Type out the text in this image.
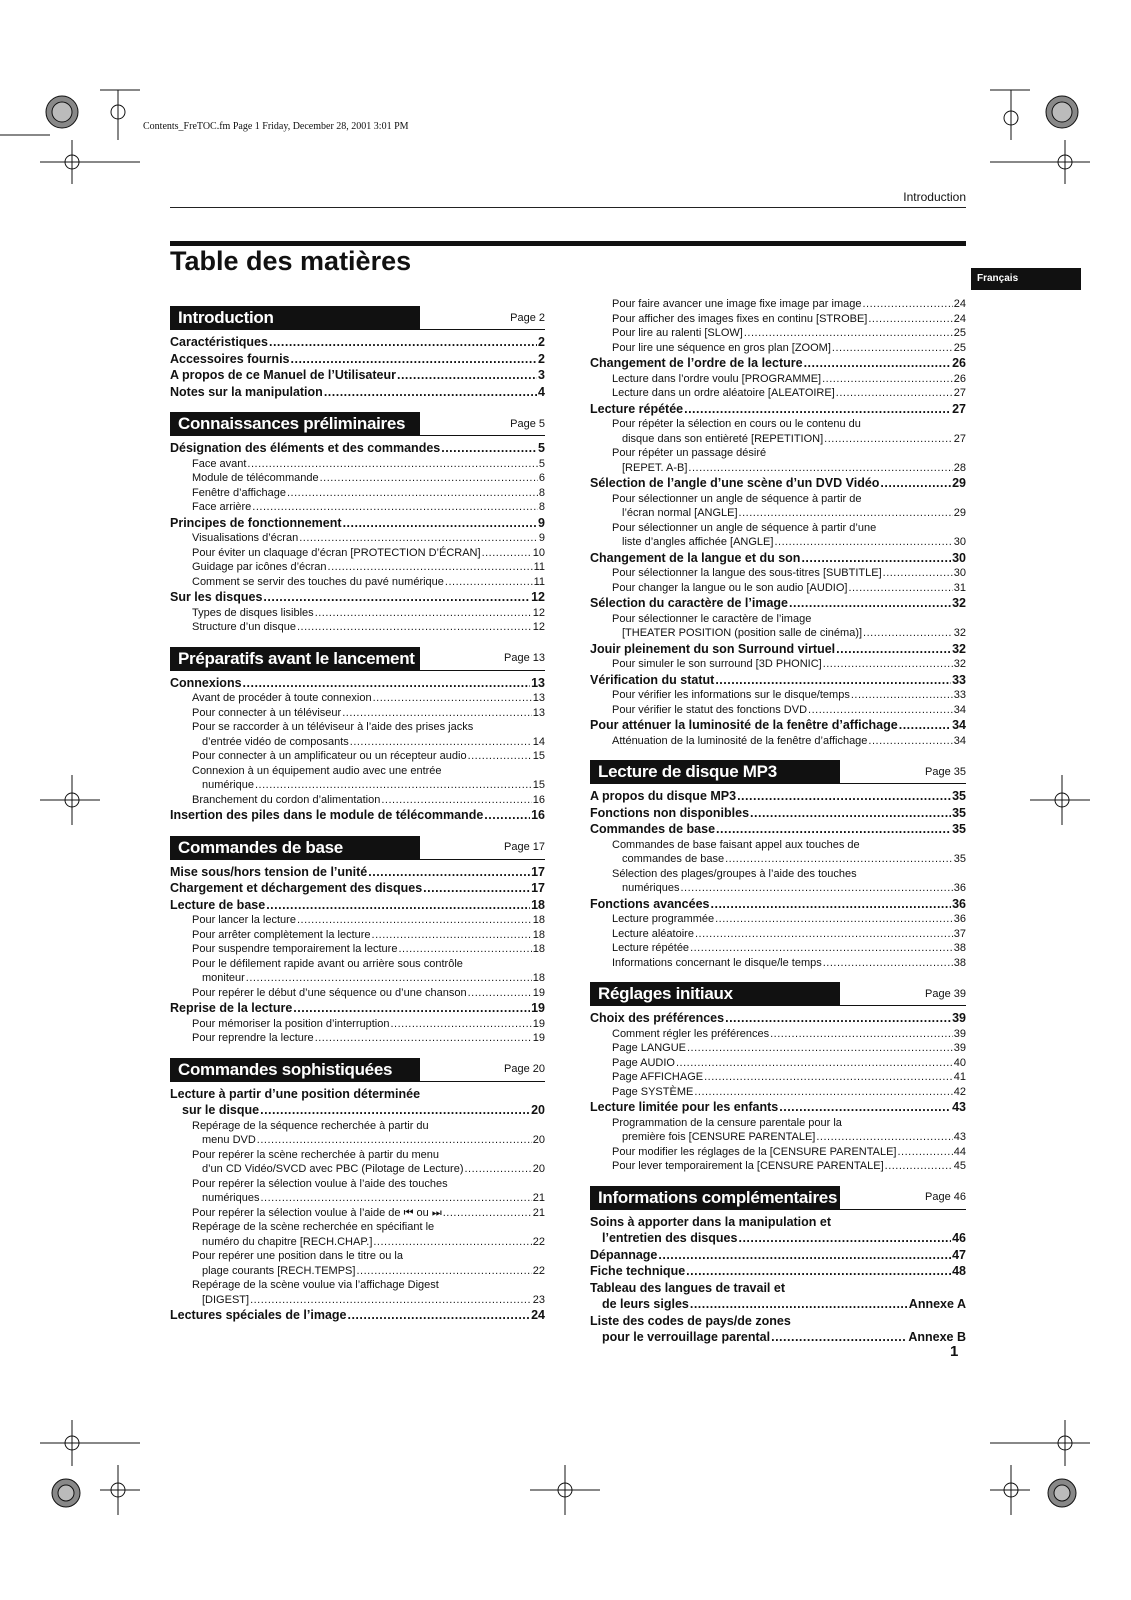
Contents_FreTOC.fm Page 1 Friday, December 28, 2001 3:01 PM
Introduction
Table des matières
Français
Introduction	Page 2
Caractéristiques .....	2
Accessoires fournis .....	2
A propos de ce Manuel de l’Utilisateur .....	3
Notes sur la manipulation .....	4
Connaissances préliminaires	Page 5
Désignation des éléments et des commandes .....	5
Face avant .....	5
Module de télécommande .....	6
Fenêtre d’affichage .....	8
Face arrière .....	8
Principes de fonctionnement .....	9
Visualisations d’écran .....	9
Pour éviter un claquage d’écran [PROTECTION D’ÉCRAN] .....	10
Guidage par icônes d’écran .....	11
Comment se servir des touches du pavé numérique .....	11
Sur les disques .....	12
Types de disques lisibles .....	12
Structure d’un disque .....	12
Préparatifs avant le lancement	Page 13
Connexions .....	13
Avant de procéder à toute connexion .....	13
Pour connecter à un téléviseur .....	13
Pour se raccorder à un téléviseur à l’aide des prises jacks
d’entrée vidéo de composants .....	14
Pour connecter à un amplificateur ou un récepteur audio .....	15
Connexion à un équipement audio avec une entrée
numérique .....	15
Branchement du cordon d’alimentation .....	16
Insertion des piles dans le module de télécommande .....	16
Commandes de base	Page 17
Mise sous/hors tension de l’unité .....	17
Chargement et déchargement des disques .....	17
Lecture de base .....	18
Pour lancer la lecture .....	18
Pour arrêter complètement la lecture .....	18
Pour suspendre temporairement la lecture .....	18
Pour le défilement rapide avant ou arrière sous contrôle
moniteur .....	18
Pour repérer le début d’une séquence ou d’une chanson .....	19
Reprise de la lecture .....	19
Pour mémoriser la position d’interruption .....	19
Pour reprendre la lecture .....	19
Commandes sophistiquées	Page 20
Lecture à partir d’une position déterminée
sur le disque .....	20
Repérage de la séquence recherchée à partir du
menu DVD .....	20
Pour repérer la scène recherchée à partir du menu
d’un CD Vidéo/SVCD avec PBC (Pilotage de Lecture) .....	20
Pour repérer la sélection voulue à l’aide des touches
numériques .....	21
Pour repérer la sélection voulue à l’aide de ⏮ ou ⏭ .....	21
Repérage de la scène recherchée en spécifiant le
numéro du chapitre [RECH.CHAP.] .....	22
Pour repérer une position dans le titre ou la
plage courants [RECH.TEMPS] .....	22
Repérage de la scène voulue via l’affichage Digest
[DIGEST] .....	23
Lectures spéciales de l’image .....	24
Pour faire avancer une image fixe image par image .....	24
Pour afficher des images fixes en continu [STROBE] .....	24
Pour lire au ralenti [SLOW] .....	25
Pour lire une séquence en gros plan [ZOOM] .....	25
Changement de l’ordre de la lecture .....	26
Lecture dans l’ordre voulu [PROGRAMME] .....	26
Lecture dans un ordre aléatoire [ALEATOIRE] .....	27
Lecture répétée .....	27
Pour répéter la sélection en cours ou le contenu du
disque dans son entièreté [REPETITION] .....	27
Pour répéter un passage désiré
[REPET. A-B] .....	28
Sélection de l’angle d’une scène d’un DVD Vidéo .....	29
Pour sélectionner un angle de séquence à partir de
l’écran normal [ANGLE] .....	29
Pour sélectionner un angle de séquence à partir d’une
liste d’angles affichée [ANGLE] .....	30
Changement de la langue et du son .....	30
Pour sélectionner la langue des sous-titres [SUBTITLE] .....	30
Pour changer la langue ou le son audio [AUDIO] .....	31
Sélection du caractère de l’image .....	32
Pour sélectionner le caractère de l’image
[THEATER POSITION (position salle de cinéma)] .....	32
Jouir pleinement du son Surround virtuel .....	32
Pour simuler le son surround [3D PHONIC] .....	32
Vérification du statut .....	33
Pour vérifier les informations sur le disque/temps .....	33
Pour vérifier le statut des fonctions DVD .....	34
Pour atténuer la luminosité de la fenêtre d’affichage .....	34
Atténuation de la luminosité de la fenêtre d’affichage .....	34
Lecture de disque MP3	Page 35
A propos du disque MP3 .....	35
Fonctions non disponibles .....	35
Commandes de base .....	35
Commandes de base faisant appel aux touches de
commandes de base .....	35
Sélection des plages/groupes à l’aide des touches
numériques .....	36
Fonctions avancées .....	36
Lecture programmée .....	36
Lecture aléatoire .....	37
Lecture répétée .....	38
Informations concernant le disque/le temps .....	38
Réglages initiaux	Page 39
Choix des préférences .....	39
Comment régler les préférences .....	39
Page LANGUE .....	39
Page AUDIO .....	40
Page AFFICHAGE .....	41
Page SYSTÈME .....	42
Lecture limitée pour les enfants .....	43
Programmation de la censure parentale pour la
première fois [CENSURE PARENTALE] .....	43
Pour modifier les réglages de la [CENSURE PARENTALE] .....	44
Pour lever temporairement la [CENSURE PARENTALE] .....	45
Informations complémentaires	Page 46
Soins à apporter dans la manipulation et
l’entretien des disques .....	46
Dépannage .....	47
Fiche technique .....	48
Tableau des langues de travail et
de leurs sigles .....	Annexe A
Liste des codes de pays/de zones
pour le verrouillage parental .....	Annexe B
1
